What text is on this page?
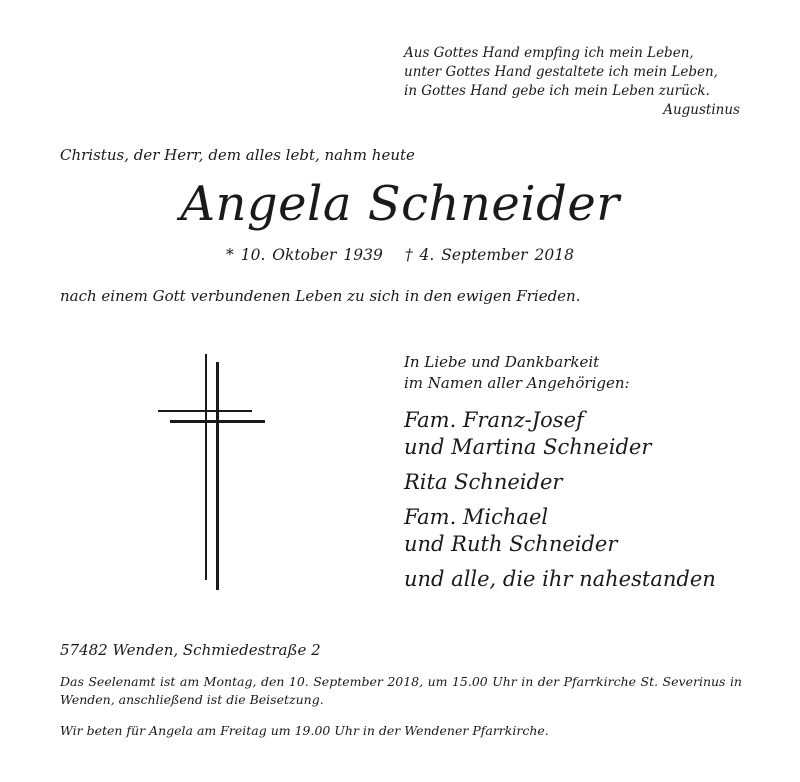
Aus Gottes Hand empfing ich mein Leben,
unter Gottes Hand gestaltete ich mein Leben,
in Gottes Hand gebe ich mein Leben zurück.
Augustinus
Christus, der Herr, dem alles lebt, nahm heute
Angela Schneider
* 10. Oktober 1939 † 4. September 2018
nach einem Gott verbundenen Leben zu sich in den ewigen Frieden.
In Liebe und Dankbarkeit
im Namen aller Angehörigen:
Fam. Franz-Josef
und Martina Schneider
Rita Schneider
Fam. Michael
und Ruth Schneider
und alle, die ihr nahestanden
57482 Wenden, Schmiedestraße 2
Das Seelenamt ist am Montag, den 10. September 2018, um 15.00 Uhr in der Pfarrkirche St. Severinus in Wenden, anschließend ist die Beisetzung.
Wir beten für Angela am Freitag um 19.00 Uhr in der Wendener Pfarrkirche.
